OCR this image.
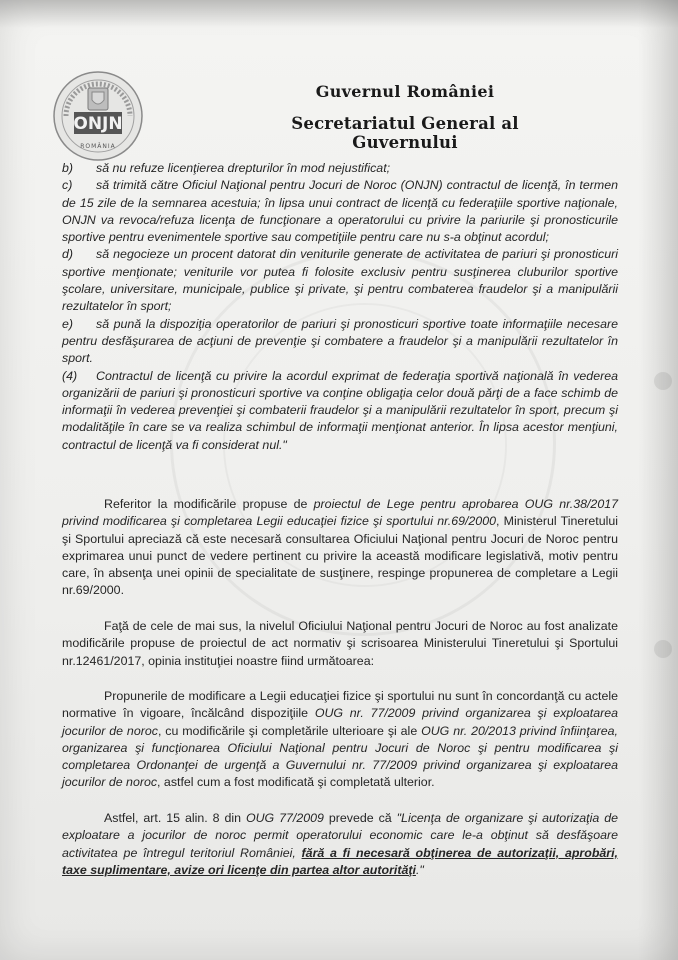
ONJN
ROMÂNIA
Guvernul României
Secretariatul General al Guvernului

b) să nu refuze licenţierea drepturilor în mod nejustificat;

c) să trimită către Oficiul Naţional pentru Jocuri de Noroc (ONJN) contractul de licenţă, în termen de 15 zile de la semnarea acestuia; în lipsa unui contract de licenţă cu federaţiile sportive naţionale, ONJN va revoca/refuza licenţa de funcţionare a operatorului cu privire la pariurile şi pronosticurile sportive pentru evenimentele sportive sau competiţiile pentru care nu s-a obţinut acordul;

d) să negocieze un procent datorat din veniturile generate de activitatea de pariuri şi pronosticuri sportive menţionate; veniturile vor putea fi folosite exclusiv pentru susţinerea cluburilor sportive şcolare, universitare, municipale, publice şi private, şi pentru combaterea fraudelor şi a manipulării rezultatelor în sport;

e) să pună la dispoziţia operatorilor de pariuri şi pronosticuri sportive toate informaţiile necesare pentru desfăşurarea de acţiuni de prevenţie şi combatere a fraudelor şi a manipulării rezultatelor în sport.

(4) Contractul de licenţă cu privire la acordul exprimat de federaţia sportivă naţională în vederea organizării de pariuri şi pronosticuri sportive va conţine obligaţia celor două părţi de a face schimb de informaţii în vederea prevenţiei şi combaterii fraudelor şi a manipulării rezultatelor în sport, precum şi modalităţile în care se va realiza schimbul de informaţii menţionat anterior. În lipsa acestor menţiuni, contractul de licenţă va fi considerat nul."

Referitor la modificările propuse de proiectul de Lege pentru aprobarea OUG nr.38/2017 privind modificarea şi completarea Legii educaţiei fizice şi sportului nr.69/2000, Ministerul Tineretului şi Sportului apreciază că este necesară consultarea Oficiului Naţional pentru Jocuri de Noroc pentru exprimarea unui punct de vedere pertinent cu privire la această modificare legislativă, motiv pentru care, în absenţa unei opinii de specialitate de susţinere, respinge propunerea de completare a Legii nr.69/2000.
Faţă de cele de mai sus, la nivelul Oficiului Naţional pentru Jocuri de Noroc au fost analizate modificările propuse de proiectul de act normativ şi scrisoarea Ministerului Tineretului şi Sportului nr.12461/2017, opinia instituţiei noastre fiind următoarea:
Propunerile de modificare a Legii educaţiei fizice şi sportului nu sunt în concordanţă cu actele normative în vigoare, încălcând dispoziţiile OUG nr. 77/2009 privind organizarea şi exploatarea jocurilor de noroc, cu modificările şi completările ulterioare şi ale OUG nr. 20/2013 privind înfiinţarea, organizarea şi funcţionarea Oficiului Naţional pentru Jocuri de Noroc şi pentru modificarea şi completarea Ordonanţei de urgenţă a Guvernului nr. 77/2009 privind organizarea şi exploatarea jocurilor de noroc, astfel cum a fost modificată şi completată ulterior.
Astfel, art. 15 alin. 8 din OUG 77/2009 prevede că "Licenţa de organizare şi autorizaţia de exploatare a jocurilor de noroc permit operatorului economic care le-a obţinut să desfăşoare activitatea pe întregul teritoriul României, fără a fi necesară obţinerea de autorizaţii, aprobări, taxe suplimentare, avize ori licenţe din partea altor autorităţi."
